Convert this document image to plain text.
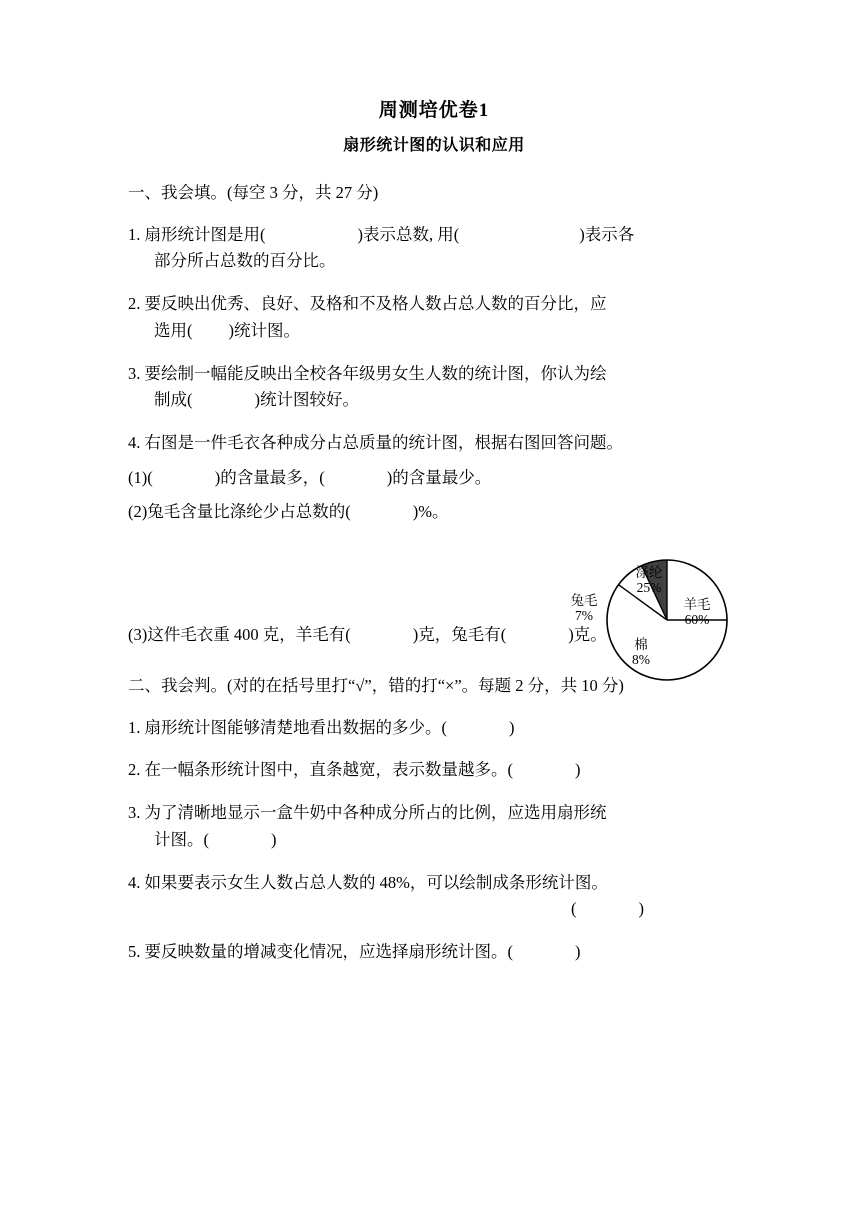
周测培优卷1
扇形统计图的认识和应用
一、我会填。(每空 3 分，共 27 分)
1. 扇形统计图是用(	)表示总数, 用(	)表示各
部分所占总数的百分比。
2. 要反映出优秀、良好、及格和不及格人数占总人数的百分比，应
选用( )统计图。
3. 要绘制一幅能反映出全校各年级男女生人数的统计图，你认为绘
制成(	)统计图较好。
4. 右图是一件毛衣各种成分占总质量的统计图，根据右图回答问题。
(1)(	)的含量最多，(	)的含量最少。
(2)兔毛含量比涤纶少占总数的(	)%。
涤纶
25%
羊毛
60%
兔毛
7%
棉
8%
(3)这件毛衣重 400 克，羊毛有(	)克，兔毛有(	)克。
二、我会判。(对的在括号里打“√”，错的打“×”。每题 2 分，共 10 分)
1. 扇形统计图能够清楚地看出数据的多少。(	)
2. 在一幅条形统计图中，直条越宽，表示数量越多。(	)
3. 为了清晰地显示一盒牛奶中各种成分所占的比例，应选用扇形统
计图。(	)
4. 如果要表示女生人数占总人数的 48%，可以绘制成条形统计图。
(	)
5. 要反映数量的增减变化情况，应选择扇形统计图。(	)
